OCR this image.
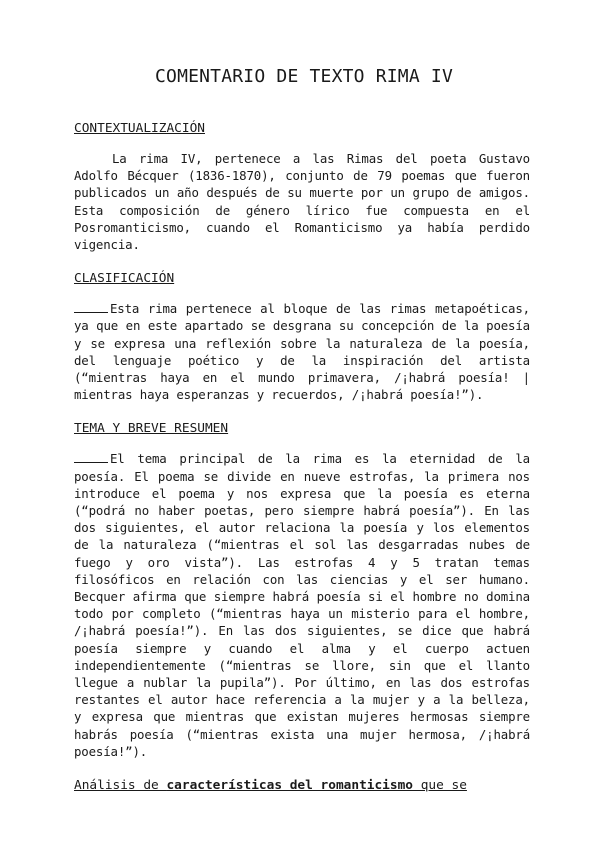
COMENTARIO DE TEXTO RIMA IV
CONTEXTUALIZACIÓN

La rima IV, pertenece a las Rimas del poeta Gustavo Adolfo Bécquer (1836-1870), conjunto de 79 poemas que fueron publicados un año después de su muerte por un grupo de amigos. Esta composición de género lírico fue compuesta en el Posromanticismo, cuando el Romanticismo ya había perdido vigencia.

CLASIFICACIÓN

Esta rima pertenece al bloque de las rimas metapoéticas, ya que en este apartado se desgrana su concepción de la poesía y se expresa una reflexión sobre la naturaleza de la poesía, del lenguaje poético y de la inspiración del artista (“mientras haya en el mundo primavera, /¡habrá poesía! | mientras haya esperanzas y recuerdos, /¡habrá poesía!”).

TEMA Y BREVE RESUMEN

El tema principal de la rima es la eternidad de la poesía. El poema se divide en nueve estrofas, la primera nos introduce el poema y nos expresa que la poesía es eterna (“podrá no haber poetas, pero siempre habrá poesía”). En las dos siguientes, el autor relaciona la poesía y los elementos de la naturaleza (“mientras el sol las desgarradas nubes de fuego y oro vista”). Las estrofas 4 y 5 tratan temas filosóficos en relación con las ciencias y el ser humano. Becquer afirma que siempre habrá poesía si el hombre no domina todo por completo (“mientras haya un misterio para el hombre, /¡habrá poesía!”). En las dos siguientes, se dice que habrá poesía siempre y cuando el alma y el cuerpo actuen independientemente (“mientras se llore, sin que el llanto llegue a nublar la pupila”). Por último, en las dos estrofas restantes el autor hace referencia a la mujer y a la belleza, y expresa que mientras que existan mujeres hermosas siempre habrás poesía (“mientras exista una mujer hermosa, /¡habrá poesía!”).

Análisis de características del romanticismo que se
